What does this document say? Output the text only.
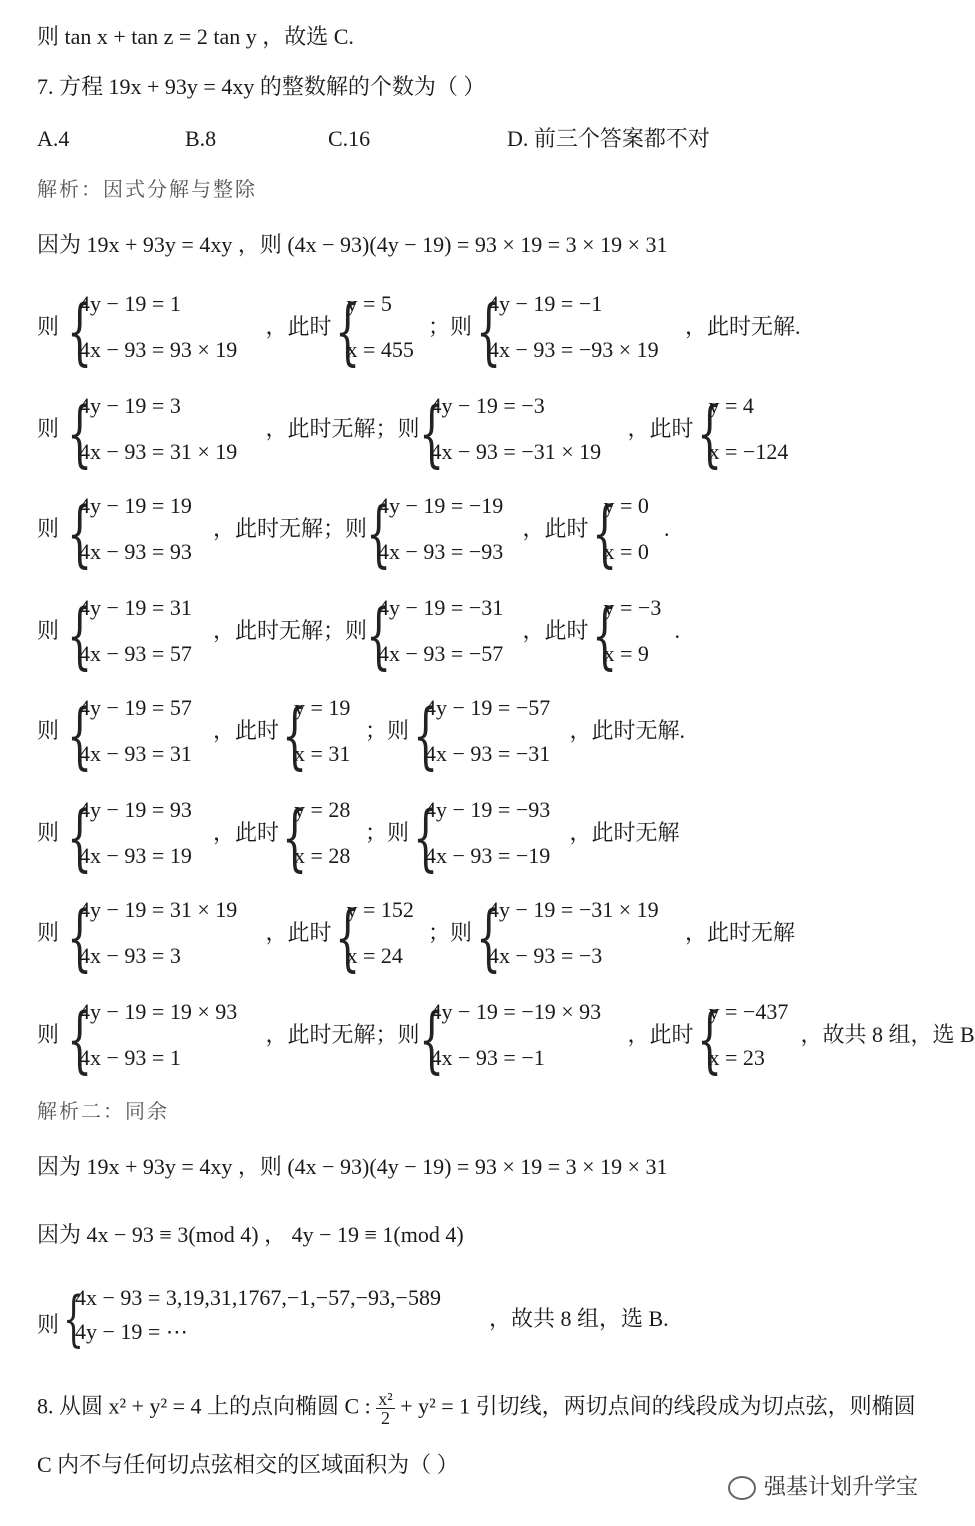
则 tan x + tan z = 2 tan y ，故选 C.
7. 方程 19x + 93y = 4xy 的整数解的个数为（ ）
A.4	B.8	C.16	D. 前三个答案都不对
解析：因式分解与整除
因为 19x + 93y = 4xy ，则 (4x − 93)(4y − 19) = 93 × 19 = 3 × 19 × 31
则 {
4y − 19 = 1
4x − 93 = 93 × 19
，此时 {
y = 5
x = 455
；则 {
4y − 19 = −1
4x − 93 = −93 × 19
，此时无解.
则 {
4y − 19 = 3
4x − 93 = 31 × 19
，此时无解；则
{
4y − 19 = −3
4x − 93 = −31 × 19
，此时 {
y = 4
x = −124
则 {
4y − 19 = 19
4x − 93 = 93
，此时无解；则
{
4y − 19 = −19
4x − 93 = −93
，此时 {
y = 0
x = 0
.
则 {
4y − 19 = 31
4x − 93 = 57
，此时无解；则
{
4y − 19 = −31
4x − 93 = −57
，此时 {
y = −3
x = 9
.
则 {
4y − 19 = 57
4x − 93 = 31
，此时 {
y = 19
x = 31
；则 {
4y − 19 = −57
4x − 93 = −31
，此时无解.
则 {
4y − 19 = 93
4x − 93 = 19
，此时 {
y = 28
x = 28
；则 {
4y − 19 = −93
4x − 93 = −19
，此时无解
则 {
4y − 19 = 31 × 19
4x − 93 = 3
，此时 {
y = 152
x = 24
；则 {
4y − 19 = −31 × 19
4x − 93 = −3
，此时无解
则 {
4y − 19 = 19 × 93
4x − 93 = 1
，此时无解；则
{
4y − 19 = −19 × 93
4x − 93 = −1
，此时 {
y = −437
x = 23
，故共 8 组，选 B
解析二：同余
因为 19x + 93y = 4xy ，则 (4x − 93)(4y − 19) = 93 × 19 = 3 × 19 × 31
因为 4x − 93 ≡ 3(mod 4) ， 4y − 19 ≡ 1(mod 4)
则 {
4x − 93 = 3,19,31,1767,−1,−57,−93,−589
4y − 19 = ⋯
，故共 8 组，选 B.
8. 从圆 x² + y² = 4 上的点向椭圆 C : $\frac{\text{x²}}{2} + y^2 = 1$ 引切线，两切点间的线段成为切点弦，则椭圆
C 内不与任何切点弦相交的区域面积为（ ）
强基计划升学宝
